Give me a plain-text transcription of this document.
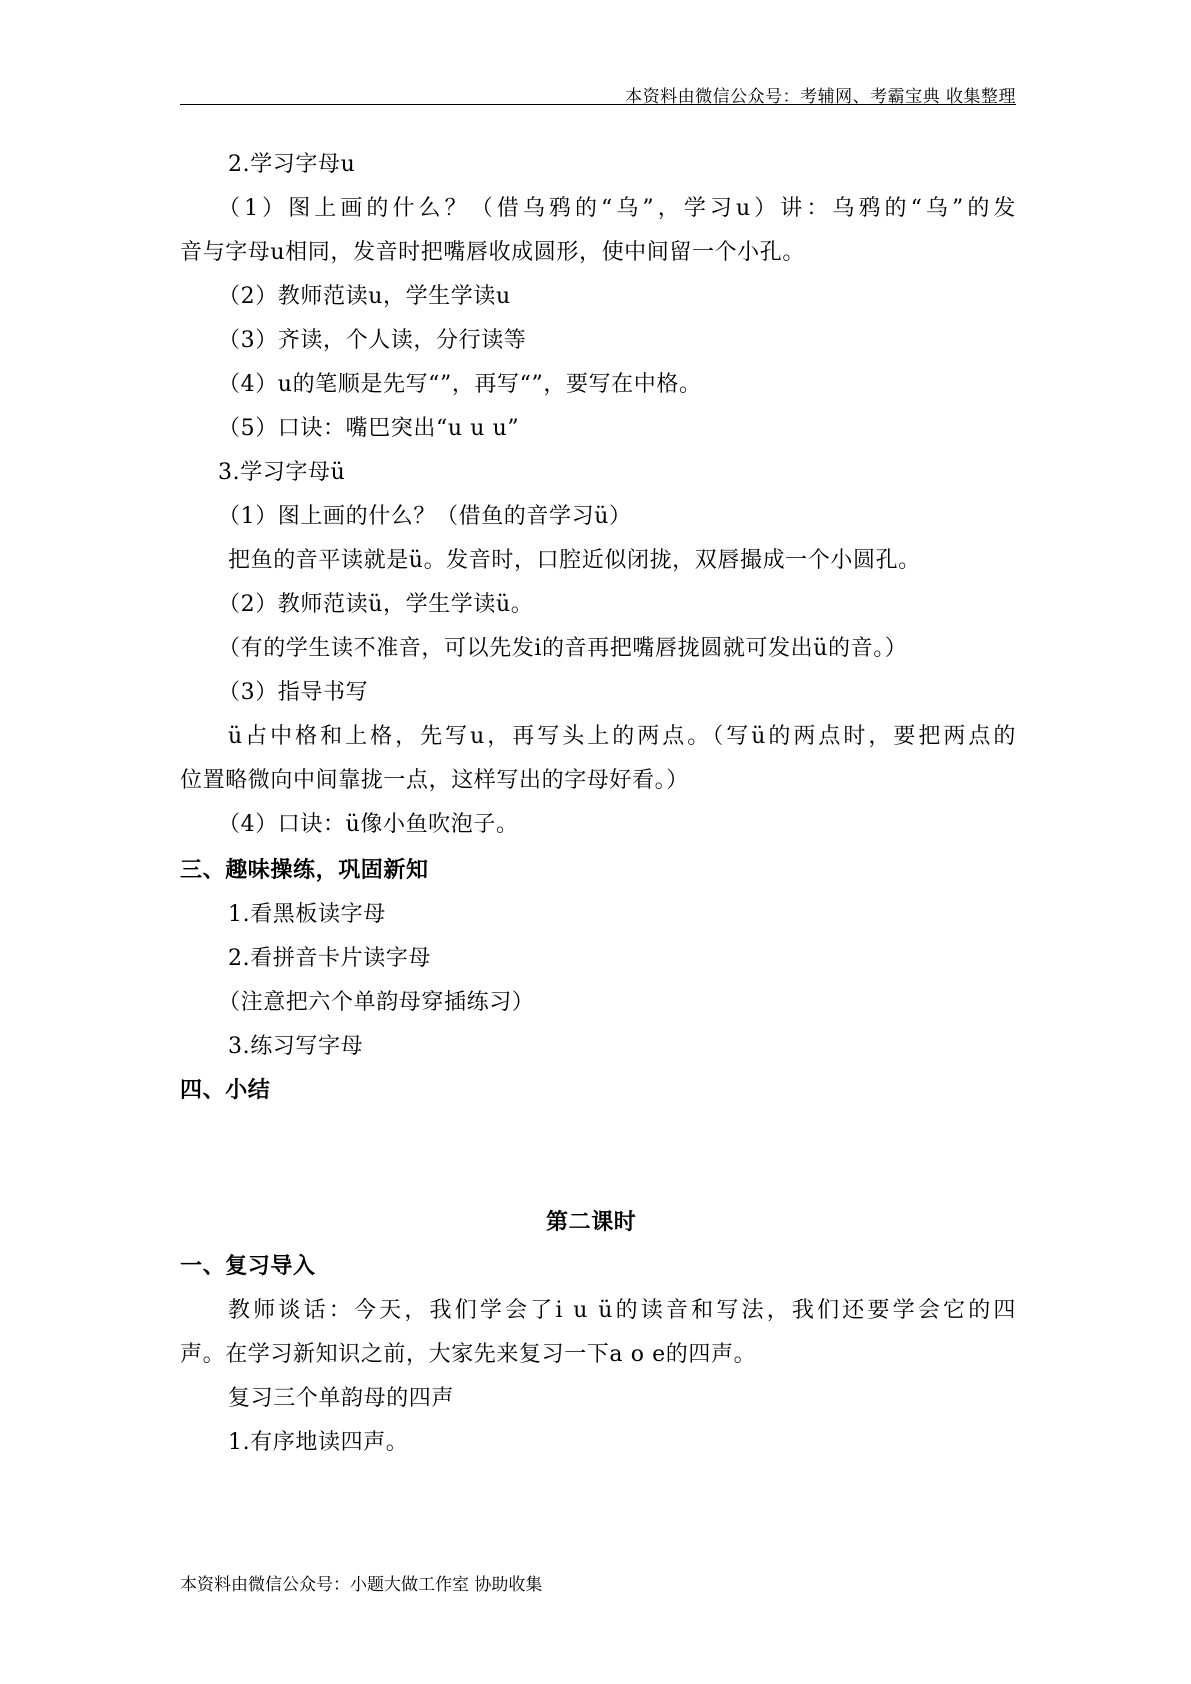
本资料由微信公众号：考辅网、考霸宝典 收集整理
2.学习字母u
（1）图上画的什么？（借乌鸦的“乌”，学习u）讲：乌鸦的“乌”的发
音与字母u相同，发音时把嘴唇收成圆形，使中间留一个小孔。
（2）教师范读u，学生学读u
（3）齐读，个人读，分行读等
（4）u的笔顺是先写“”，再写“”，要写在中格。
（5）口诀：嘴巴突出“u u u”
3.学习字母ü
（1）图上画的什么？（借鱼的音学习ü）
把鱼的音平读就是ü。发音时，口腔近似闭拢，双唇撮成一个小圆孔。
（2）教师范读ü，学生学读ü。
（有的学生读不准音，可以先发i的音再把嘴唇拢圆就可发出ü的音。）
（3）指导书写
ü占中格和上格，先写u，再写头上的两点。（写ü的两点时，要把两点的
位置略微向中间靠拢一点，这样写出的字母好看。）
（4）口诀：ü像小鱼吹泡子。
三、趣味操练，巩固新知
1.看黑板读字母
2.看拼音卡片读字母
（注意把六个单韵母穿插练习）
3.练习写字母
四、小结
第二课时
一、复习导入
教师谈话：今天，我们学会了i u ü的读音和写法，我们还要学会它的四
声。在学习新知识之前，大家先来复习一下a o e的四声。
复习三个单韵母的四声
1.有序地读四声。
本资料由微信公众号：小题大做工作室 协助收集
